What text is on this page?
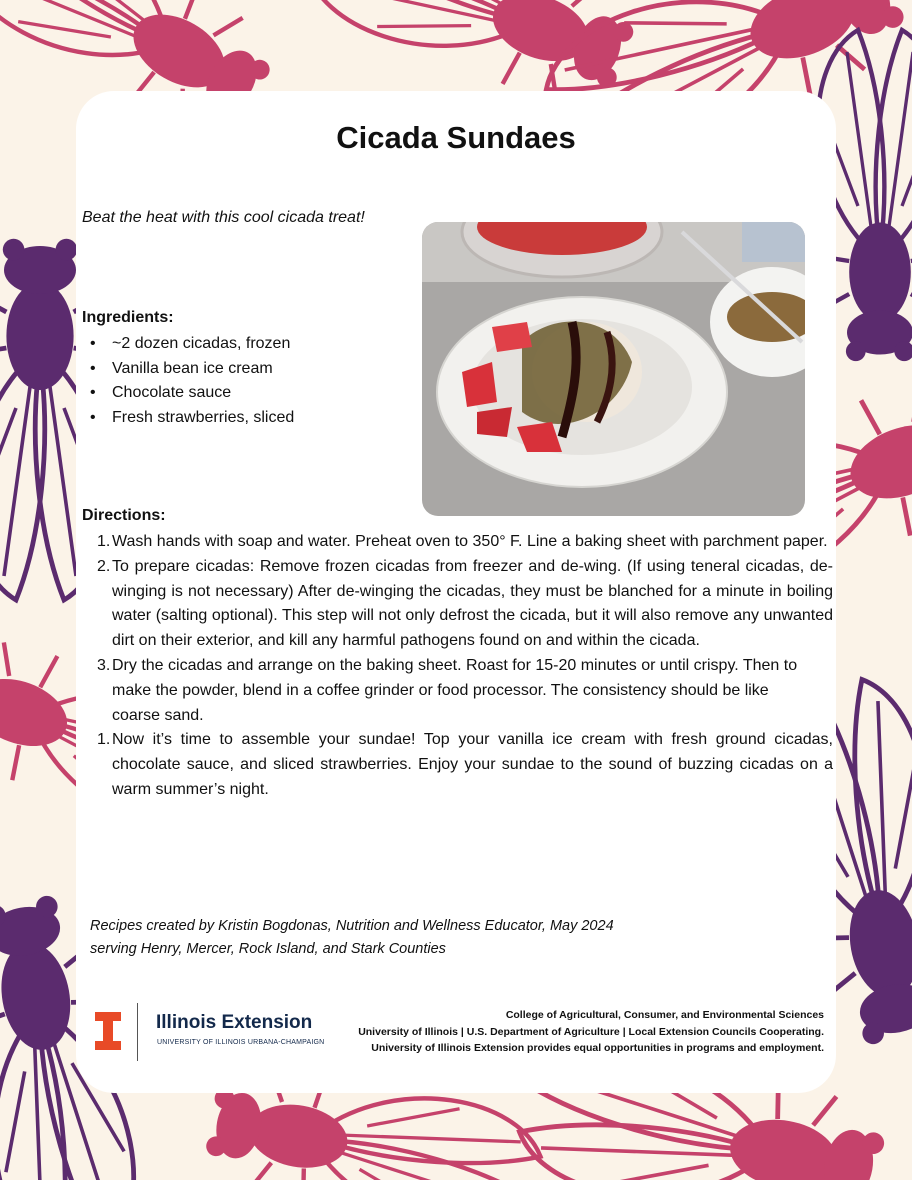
Cicada Sundaes

Beat the heat with this cool cicada treat!

Ingredients:
• ~2 dozen cicadas, frozen
• Vanilla bean ice cream
• Chocolate sauce
• Fresh strawberries, sliced
Directions:
1. Wash hands with soap and water. Preheat oven to 350° F. Line a baking sheet with parchment paper.
2. To prepare cicadas: Remove frozen cicadas from freezer and de-wing. (If using teneral cicadas, de-winging is not necessary) After de-winging the cicadas, they must be blanched for a minute in boiling water (salting optional). This step will not only defrost the cicada, but it will also remove any unwanted dirt on their exterior, and kill any harmful pathogens found on and within the cicada.
3. Dry the cicadas and arrange on the baking sheet. Roast for 15-20 minutes or until crispy. Then to make the powder, blend in a coffee grinder or food processor. The consistency should be like coarse sand.
1. Now it’s time to assemble your sundae! Top your vanilla ice cream with fresh ground cicadas, chocolate sauce, and sliced strawberries. Enjoy your sundae to the sound of buzzing cicadas on a warm summer’s night.
Recipes created by Kristin Bogdonas, Nutrition and Wellness Educator, May 2024
serving Henry, Mercer, Rock Island, and Stark Counties
Illinois Extension
UNIVERSITY OF ILLINOIS URBANA-CHAMPAIGN
College of Agricultural, Consumer, and Environmental Sciences
University of Illinois | U.S. Department of Agriculture | Local Extension Councils Cooperating.
University of Illinois Extension provides equal opportunities in programs and employment.
